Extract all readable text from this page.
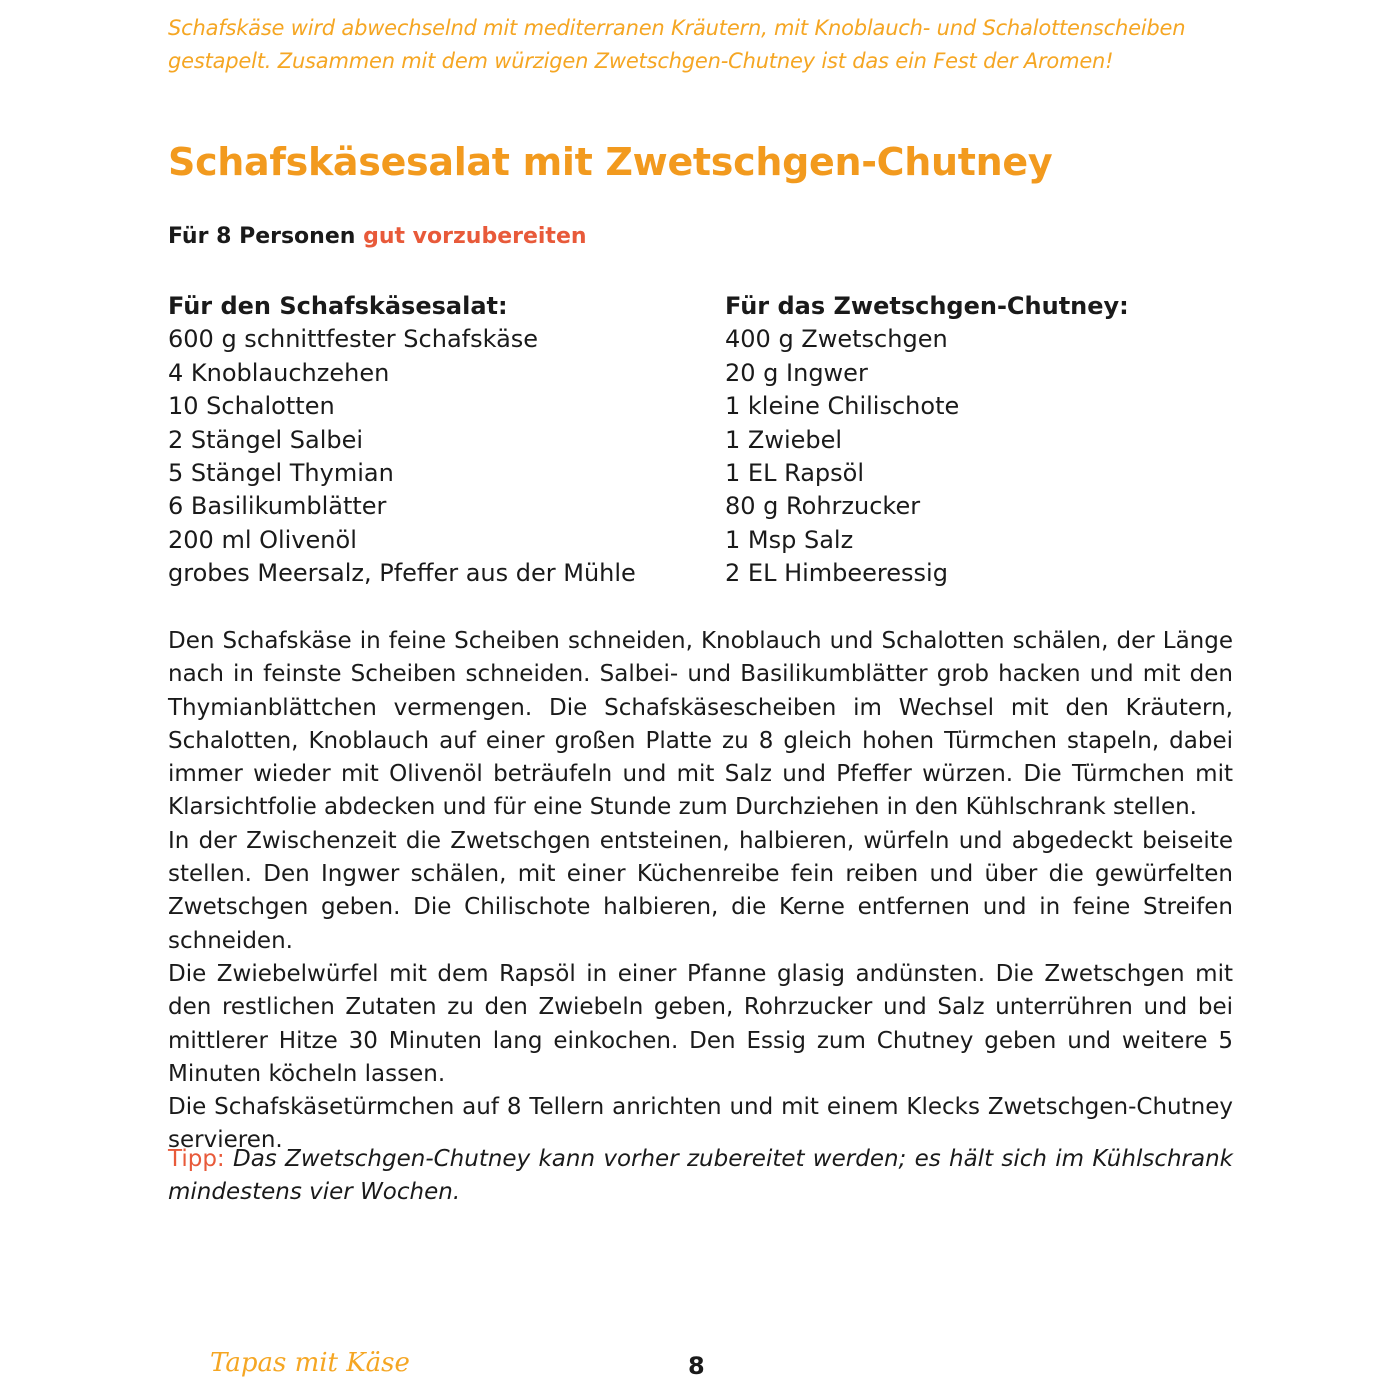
Schafskäse wird abwechselnd mit mediterranen Kräutern, mit Knoblauch- und Schalottenscheiben gestapelt. Zusammen mit dem würzigen Zwetschgen-Chutney ist das ein Fest der Aromen!

Schafskäsesalat mit Zwetschgen-Chutney

Für 8 Personen gut vorzubereiten

Für den Schafskäsesalat:
600 g schnittfester Schafskäse
4 Knoblauchzehen
10 Schalotten
2 Stängel Salbei
5 Stängel Thymian
6 Basilikumblätter
200 ml Olivenöl
grobes Meersalz, Pfeffer aus der Mühle
Für das Zwetschgen-Chutney:
400 g Zwetschgen
20 g Ingwer
1 kleine Chilischote
1 Zwiebel
1 EL Rapsöl
80 g Rohrzucker
1 Msp Salz
2 EL Himbeeressig

Den Schafskäse in feine Scheiben schneiden, Knoblauch und Schalotten schälen, der Länge nach in feinste Scheiben schneiden. Salbei- und Basilikumblätter grob hacken und mit den Thymianblättchen vermengen. Die Schafskäsescheiben im Wechsel mit den Kräutern, Schalotten, Knoblauch auf einer großen Platte zu 8 gleich hohen Türmchen stapeln, dabei immer wieder mit Olivenöl beträufeln und mit Salz und Pfeffer würzen. Die Türmchen mit Klarsichtfolie abdecken und für eine Stunde zum Durchziehen in den Kühlschrank stellen.

In der Zwischenzeit die Zwetschgen entsteinen, halbieren, würfeln und abgedeckt beiseite stellen. Den Ingwer schälen, mit einer Küchenreibe fein reiben und über die gewürfelten Zwetschgen geben. Die Chilischote halbieren, die Kerne entfernen und in feine Streifen schneiden.

Die Zwiebelwürfel mit dem Rapsöl in einer Pfanne glasig andünsten. Die Zwetschgen mit den restlichen Zutaten zu den Zwiebeln geben, Rohrzucker und Salz unterrühren und bei mittlerer Hitze 30 Minuten lang einkochen. Den Essig zum Chutney geben und weitere 5 Minuten köcheln lassen.

Die Schafskäsetürmchen auf 8 Tellern anrichten und mit einem Klecks Zwetschgen-Chutney servieren.

Tipp: Das Zwetschgen-Chutney kann vorher zubereitet werden; es hält sich im Kühlschrank mindestens vier Wochen.

Tapas mit Käse	8
